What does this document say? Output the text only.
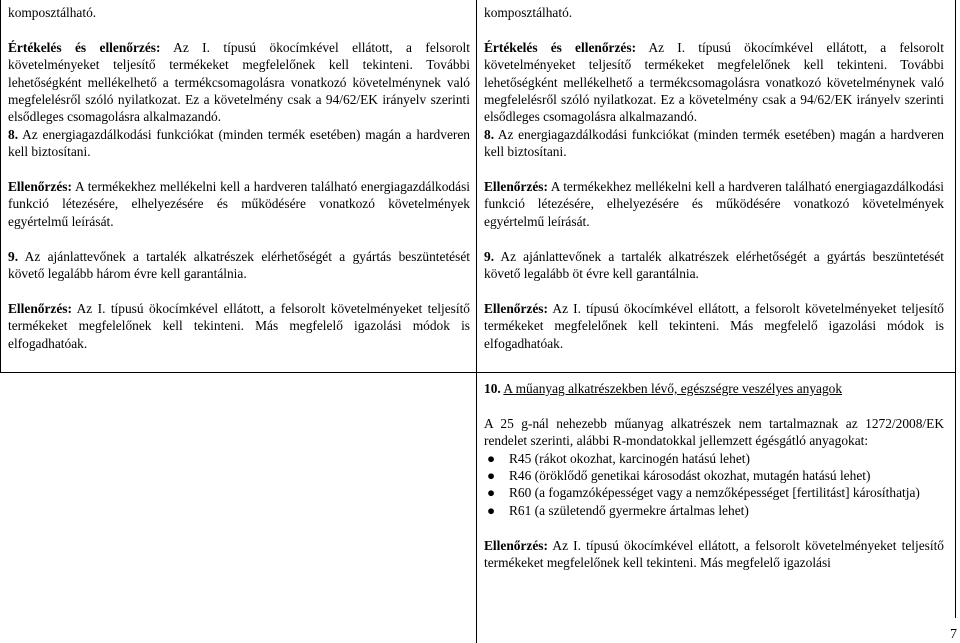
komposztálható.

Értékelés és ellenőrzés: Az I. típusú ökocímkével ellátott, a felsorolt követelményeket teljesítő termékeket megfelelőnek kell tekinteni. További lehetőségként mellékelhető a termékcsomagolásra vonatkozó követelménynek való megfelelésről szóló nyilatkozat. Ez a követelmény csak a 94/62/EK irányelv szerinti elsődleges csomagolásra alkalmazandó.

8. Az energiagazdálkodási funkciókat (minden termék esetében) magán a hardveren kell biztosítani.

Ellenőrzés: A termékekhez mellékelni kell a hardveren található energiagazdálkodási funkció létezésére, elhelyezésére és működésére vonatkozó követelmények egyértelmű leírását.

9. Az ajánlattevőnek a tartalék alkatrészek elérhetőségét a gyártás beszüntetését követő legalább három évre kell garantálnia.

Ellenőrzés: Az I. típusú ökocímkével ellátott, a felsorolt követelményeket teljesítő termékeket megfelelőnek kell tekinteni. Más megfelelő igazolási módok is elfogadhatóak.

komposztálható.

Értékelés és ellenőrzés: Az I. típusú ökocímkével ellátott, a felsorolt követelményeket teljesítő termékeket megfelelőnek kell tekinteni. További lehetőségként mellékelhető a termékcsomagolásra vonatkozó követelménynek való megfelelésről szóló nyilatkozat. Ez a követelmény csak a 94/62/EK irányelv szerinti elsődleges csomagolásra alkalmazandó.

8. Az energiagazdálkodási funkciókat (minden termék esetében) magán a hardveren kell biztosítani.

Ellenőrzés: A termékekhez mellékelni kell a hardveren található energiagazdálkodási funkció létezésére, elhelyezésére és működésére vonatkozó követelmények egyértelmű leírását.

9. Az ajánlattevőnek a tartalék alkatrészek elérhetőségét a gyártás beszüntetését követő legalább öt évre kell garantálnia.

Ellenőrzés: Az I. típusú ökocímkével ellátott, a felsorolt követelményeket teljesítő termékeket megfelelőnek kell tekinteni. Más megfelelő igazolási módok is elfogadhatóak.

10. A műanyag alkatrészekben lévő, egészségre veszélyes anyagok

A 25 g-nál nehezebb műanyag alkatrészek nem tartalmaznak az 1272/2008/EK rendelet szerinti, alábbi R-mondatokkal jellemzett égésgátló anyagokat:

● R45 (rákot okozhat, karcinogén hatású lehet)
● R46 (öröklődő genetikai károsodást okozhat, mutagén hatású lehet)
● R60 (a fogamzóképességet vagy a nemzőképességet [fertilitást] károsíthatja)
● R61 (a születendő gyermekre ártalmas lehet)

Ellenőrzés: Az I. típusú ökocímkével ellátott, a felsorolt követelményeket teljesítő termékeket megfelelőnek kell tekinteni. Más megfelelő igazolási

7
